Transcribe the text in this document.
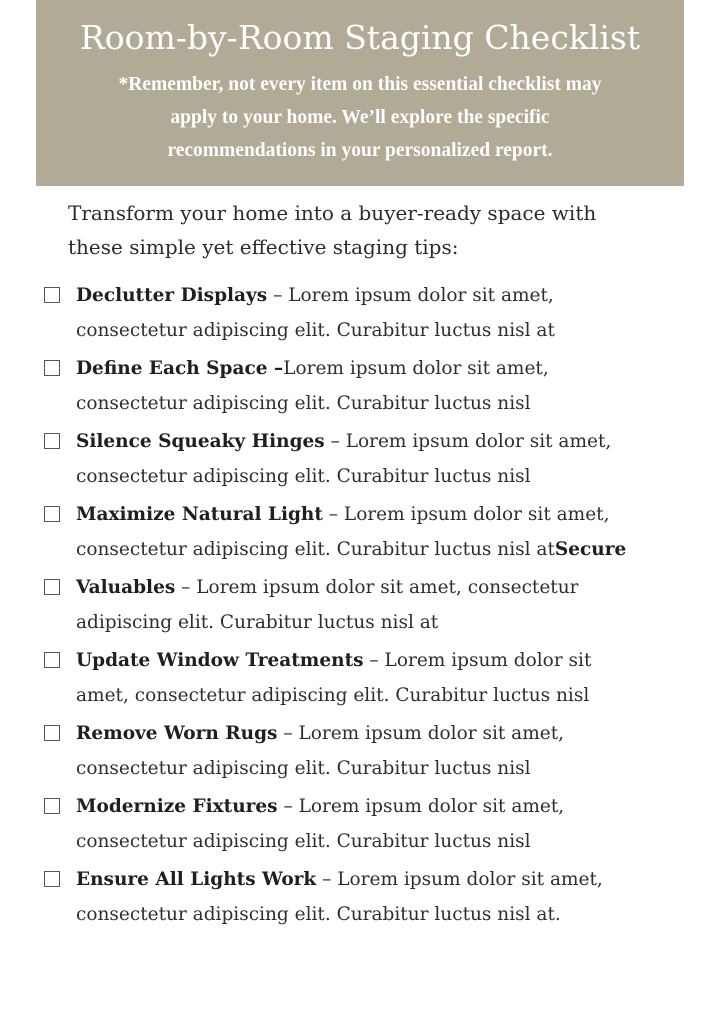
Room-by-Room Staging Checklist
*Remember, not every item on this essential checklist may
apply to your home. We’ll explore the specific
recommendations in your personalized report.
Transform your home into a buyer-ready space with
these simple yet effective staging tips:
Declutter Displays – Lorem ipsum dolor sit amet,
consectetur adipiscing elit. Curabitur luctus nisl at
Define Each Space –Lorem ipsum dolor sit amet,
consectetur adipiscing elit. Curabitur luctus nisl
Silence Squeaky Hinges – Lorem ipsum dolor sit amet,
consectetur adipiscing elit. Curabitur luctus nisl
Maximize Natural Light – Lorem ipsum dolor sit amet,
consectetur adipiscing elit. Curabitur luctus nisl atSecure
Valuables – Lorem ipsum dolor sit amet, consectetur
adipiscing elit. Curabitur luctus nisl at
Update Window Treatments – Lorem ipsum dolor sit
amet, consectetur adipiscing elit. Curabitur luctus nisl
Remove Worn Rugs – Lorem ipsum dolor sit amet,
consectetur adipiscing elit. Curabitur luctus nisl
Modernize Fixtures – Lorem ipsum dolor sit amet,
consectetur adipiscing elit. Curabitur luctus nisl
Ensure All Lights Work – Lorem ipsum dolor sit amet,
consectetur adipiscing elit. Curabitur luctus nisl at.
